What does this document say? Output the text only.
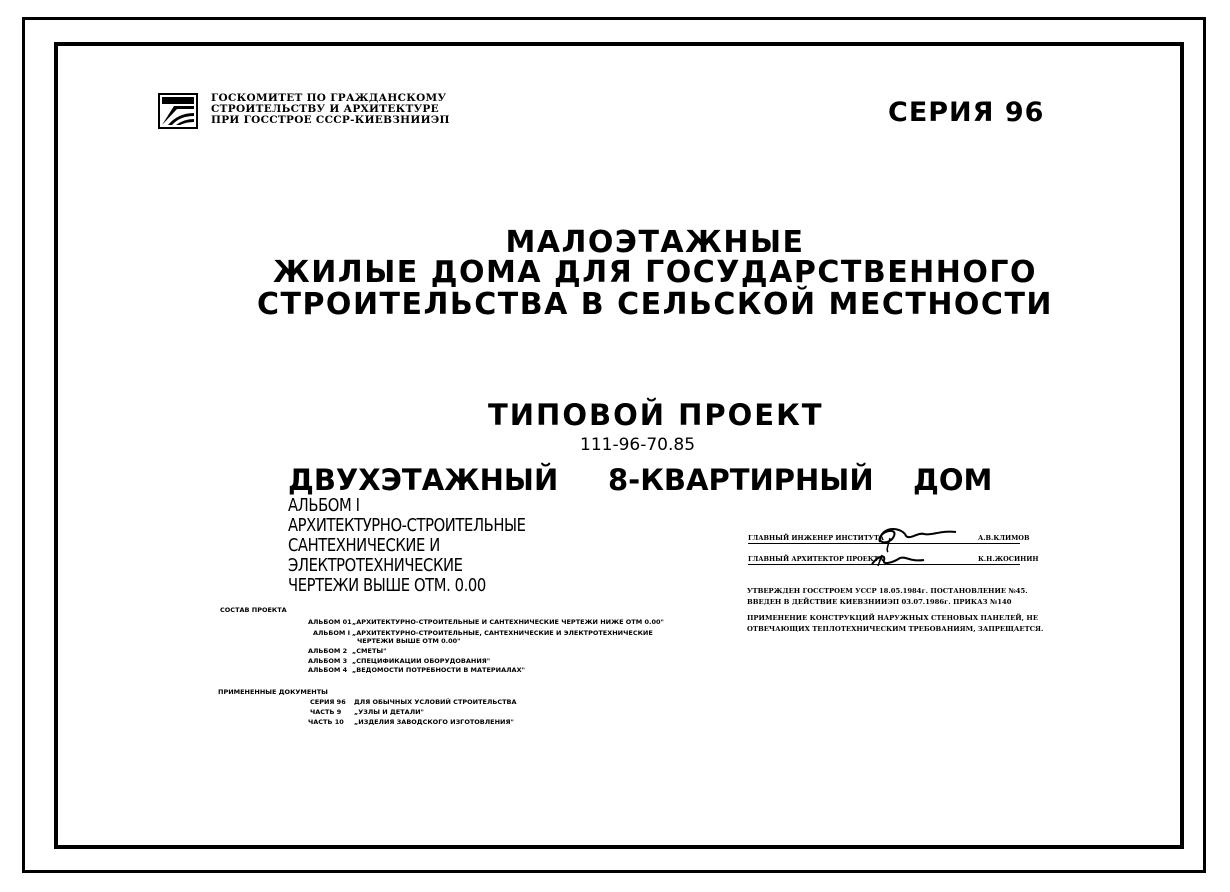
ГОСКОМИТЕТ ПО ГРАЖДАНСКОМУ
СТРОИТЕЛЬСТВУ И АРХИТЕКТУРЕ
ПРИ ГОССТРОЕ СССР-КИЕВЗНИИЭП	СЕРИЯ 96
МАЛОЭТАЖНЫЕ
ЖИЛЫЕ ДОМА ДЛЯ ГОСУДАРСТВЕННОГО
СТРОИТЕЛЬСТВА В СЕЛЬСКОЙ МЕСТНОСТИ
ТИПОВОЙ ПРОЕКТ
111-96-70.85
ДВУХЭТАЖНЫЙ 8-КВАРТИРНЫЙ ДОМ
АЛЬБОМ I
АРХИТЕКТУРНО-СТРОИТЕЛЬНЫЕ
САНТЕХНИЧЕСКИЕ И
ЭЛЕКТРОТЕХНИЧЕСКИЕ
ЧЕРТЕЖИ ВЫШЕ ОТМ. 0.00
ГЛАВНЫЙ ИНЖЕНЕР ИНСТИТУТА	А.В.КЛИМОВ
ГЛАВНЫЙ АРХИТЕКТОР ПРОЕКТА	К.Н.ЖОСИНИН
УТВЕРЖДЕН ГОССТРОЕМ УССР 18.05.1984г. ПОСТАНОВЛЕНИЕ №45.
ВВЕДЕН В ДЕЙСТВИЕ КИЕВЗНИИЭП 03.07.1986г. ПРИКАЗ №140
ПРИМЕНЕНИЕ КОНСТРУКЦИЙ НАРУЖНЫХ СТЕНОВЫХ ПАНЕЛЕЙ, НЕ
ОТВЕЧАЮЩИХ ТЕПЛОТЕХНИЧЕСКИМ ТРЕБОВАНИЯМ, ЗАПРЕЩАЕТСЯ.
СОСТАВ ПРОЕКТА
АЛЬБОМ 01 „АРХИТЕКТУРНО-СТРОИТЕЛЬНЫЕ И САНТЕХНИЧЕСКИЕ ЧЕРТЕЖИ НИЖЕ ОТМ 0.00"
АЛЬБОМ I „АРХИТЕКТУРНО-СТРОИТЕЛЬНЫЕ, САНТЕХНИЧЕСКИЕ И ЭЛЕКТРОТЕХНИЧЕСКИЕ
ЧЕРТЕЖИ ВЫШЕ ОТМ 0.00"
АЛЬБОМ 2 „СМЕТЫ"
АЛЬБОМ 3 „СПЕЦИФИКАЦИИ ОБОРУДОВАНИЯ"
АЛЬБОМ 4 „ВЕДОМОСТИ ПОТРЕБНОСТИ В МАТЕРИАЛАХ"
ПРИМЕНЕННЫЕ ДОКУМЕНТЫ
СЕРИЯ 96 ДЛЯ ОБЫЧНЫХ УСЛОВИЙ СТРОИТЕЛЬСТВА
ЧАСТЬ 9 „УЗЛЫ И ДЕТАЛИ"
ЧАСТЬ 10 „ИЗДЕЛИЯ ЗАВОДСКОГО ИЗГОТОВЛЕНИЯ"
